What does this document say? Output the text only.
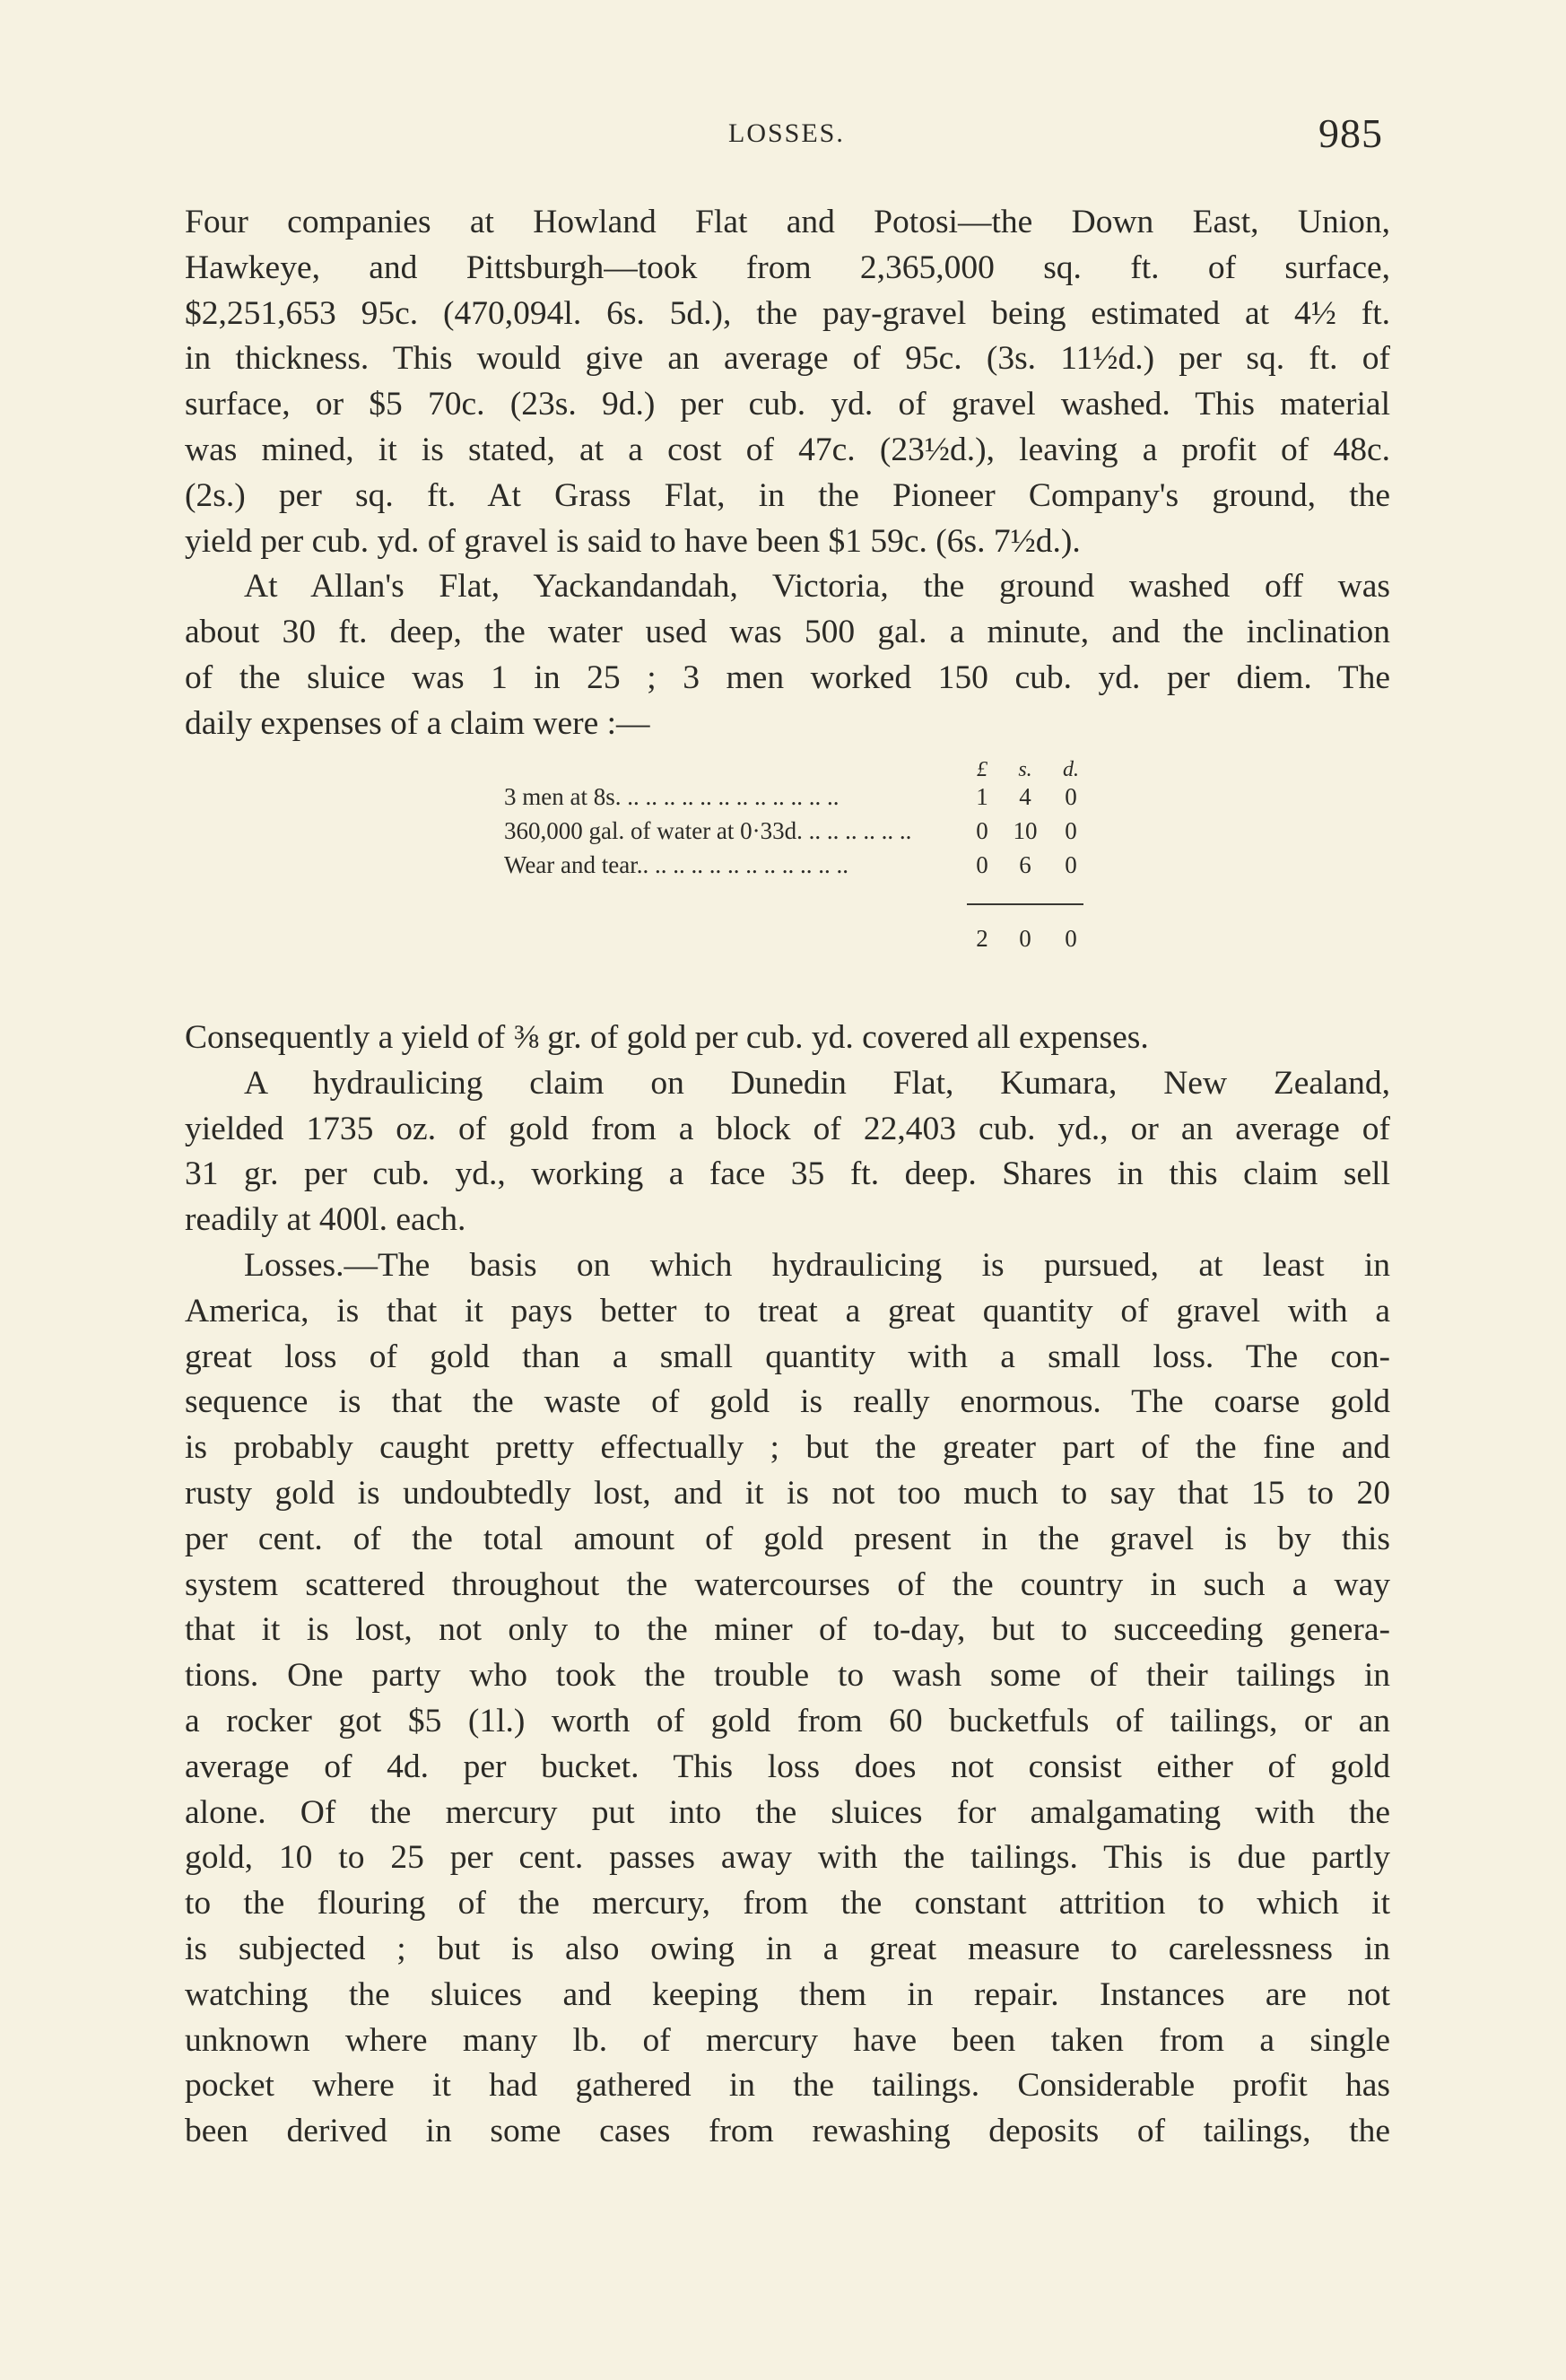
LOSSES.	985
Four companies at Howland Flat and Potosi—the Down East, Union,
Hawkeye, and Pittsburgh—took from 2,365,000 sq. ft. of surface,
$2,251,653 95c. (470,094l. 6s. 5d.), the pay-gravel being estimated at 4½ ft.
in thickness. This would give an average of 95c. (3s. 11½d.) per sq. ft. of
surface, or $5 70c. (23s. 9d.) per cub. yd. of gravel washed. This material
was mined, it is stated, at a cost of 47c. (23½d.), leaving a profit of 48c.
(2s.) per sq. ft. At Grass Flat, in the Pioneer Company's ground, the
yield per cub. yd. of gravel is said to have been $1 59c. (6s. 7½d.).
At Allan's Flat, Yackandandah, Victoria, the ground washed off was
about 30 ft. deep, the water used was 500 gal. a minute, and the inclination
of the sluice was 1 in 25 ; 3 men worked 150 cub. yd. per diem. The
daily expenses of a claim were :—
Consequently a yield of ⅜ gr. of gold per cub. yd. covered all expenses.
A hydraulicing claim on Dunedin Flat, Kumara, New Zealand,
yielded 1735 oz. of gold from a block of 22,403 cub. yd., or an average of
31 gr. per cub. yd., working a face 35 ft. deep. Shares in this claim sell
readily at 400l. each.
Losses.—The basis on which hydraulicing is pursued, at least in
America, is that it pays better to treat a great quantity of gravel with a
great loss of gold than a small quantity with a small loss. The con-
sequence is that the waste of gold is really enormous. The coarse gold
is probably caught pretty effectually ; but the greater part of the fine and
rusty gold is undoubtedly lost, and it is not too much to say that 15 to 20
per cent. of the total amount of gold present in the gravel is by this
system scattered throughout the watercourses of the country in such a way
that it is lost, not only to the miner of to-day, but to succeeding genera-
tions. One party who took the trouble to wash some of their tailings in
a rocker got $5 (1l.) worth of gold from 60 bucketfuls of tailings, or an
average of 4d. per bucket. This loss does not consist either of gold
alone. Of the mercury put into the sluices for amalgamating with the
gold, 10 to 25 per cent. passes away with the tailings. This is due partly
to the flouring of the mercury, from the constant attrition to which it
is subjected ; but is also owing in a great measure to carelessness in
watching the sluices and keeping them in repair. Instances are not
unknown where many lb. of mercury have been taken from a single
pocket where it had gathered in the tailings. Considerable profit has
been derived in some cases from rewashing deposits of tailings, the
£	s.	d.
3 men at 8s. .. .. .. .. .. .. .. .. .. .. .. ..	1	4	0
360,000 gal. of water at 0·33d. .. .. .. .. .. ..	0	10	0
Wear and tear.. .. .. .. .. .. .. .. .. .. .. ..	0	6	0
2	0	0
